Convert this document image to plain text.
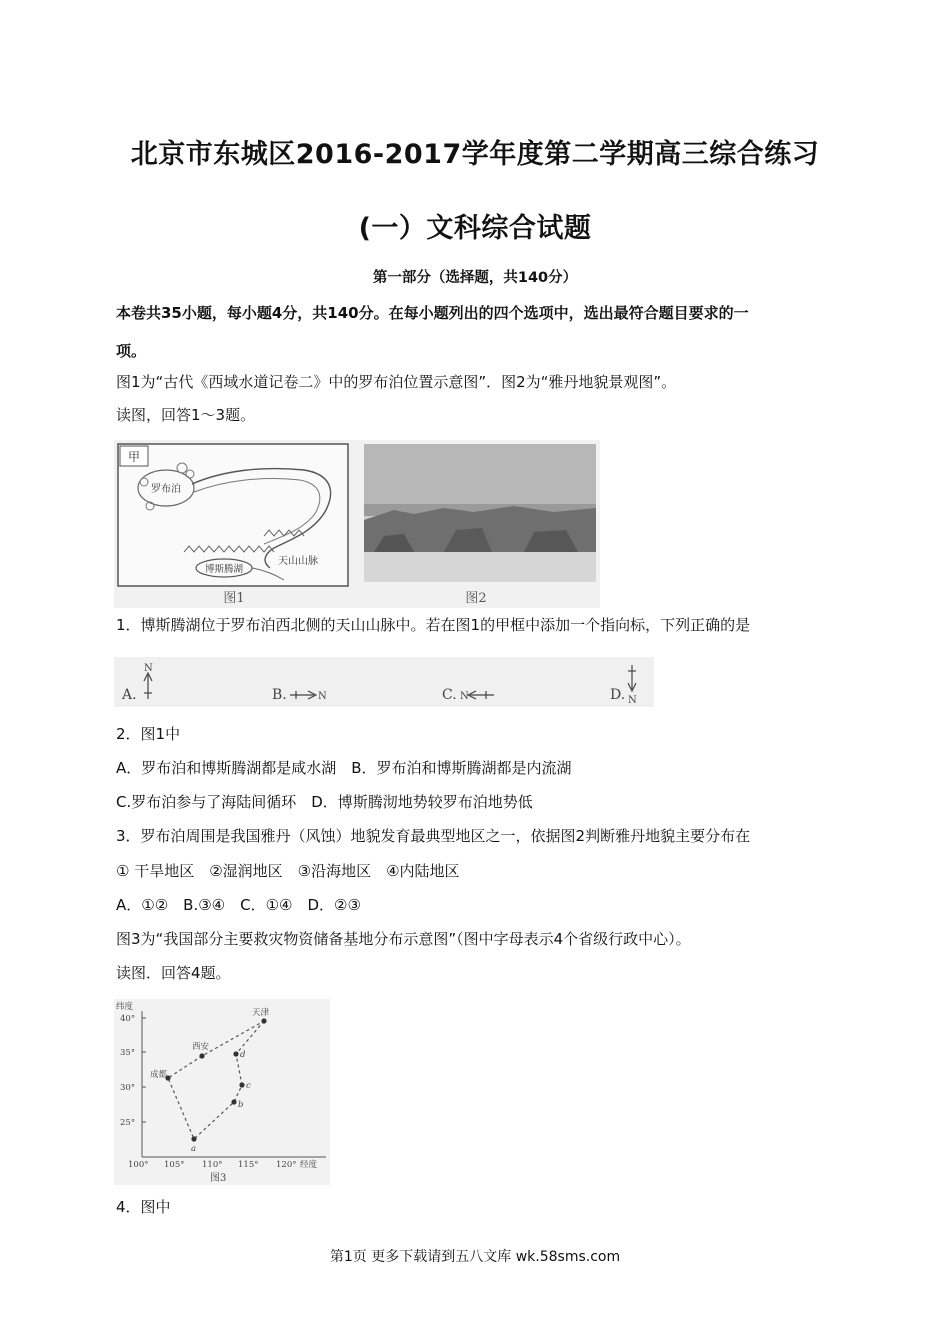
北京市东城区2016-2017学年度第二学期高三综合练习
(一）文科综合试题
第一部分（选择题，共140分）
本卷共35小题，每小题4分，共140分。在每小题列出的四个选项中，选出最符合题目要求的一
项。
图1为“古代《西域水道记卷二》中的罗布泊位置示意图”．图2为“雅丹地貌景观图”。
读图，回答1～3题。
甲
罗布泊
天山山脉
博斯腾湖
图1	图2
1．博斯腾湖位于罗布泊西北侧的天山山脉中。若在图1的甲框中添加一个指向标，下列正确的是
A.
N
B.	N	C. N	D. N
2．图1中
A．罗布泊和博斯腾湖都是咸水湖　B．罗布泊和博斯腾湖都是内流湖
C.罗布泊参与了海陆间循环　D．博斯腾沏地势较罗布泊地势低
3．罗布泊周围是我国雅丹（风蚀）地貌发育最典型地区之一，依据图2判断雅丹地貌主要分布在
① 干旱地区　②湿润地区　③沿海地区　④内陆地区
A．①②　B.③④　C．①④　D．②③
图3为“我国部分主要救灾物资储备基地分布示意图”（图中字母表示4个省级行政中心）。
读图．回答4题。
纬度
经度
40°
35°
30°
25°
100° 105° 110° 115° 120°
天津
西安
成都
a
b
c
d
图3
4．图中
第1页 更多下载请到五八文库 wk.58sms.com
